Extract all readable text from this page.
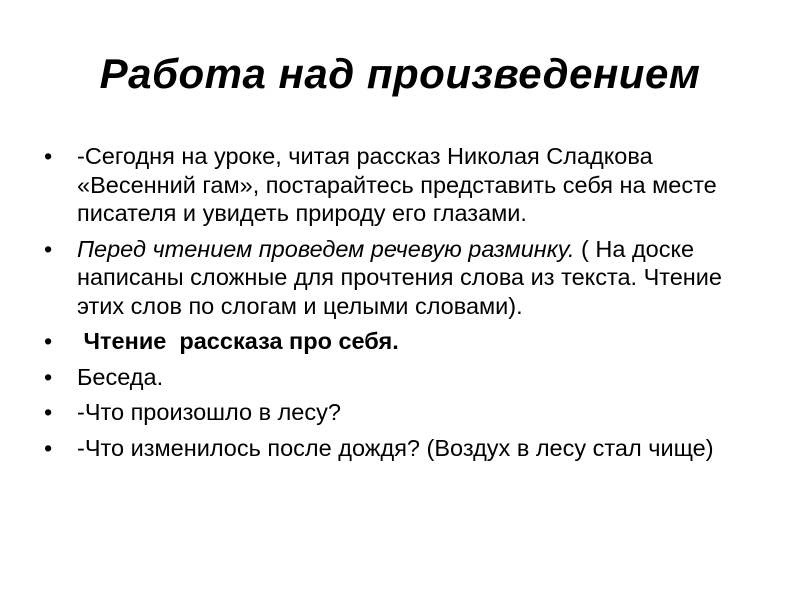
Работа над произведением
•	-Сегодня на уроке, читая рассказ Николая Сладкова «Весенний гам», постарайтесь представить себя на месте писателя и увидеть природу его глазами.
•	Перед чтением проведем речевую разминку. ( На доске написаны сложные для прочтения слова из текста. Чтение этих слов по слогам и целыми словами).
•	Чтение  рассказа про себя.
•	Беседа.
•	-Что произошло в лесу?
•	-Что изменилось после дождя? (Воздух в лесу стал чище)
